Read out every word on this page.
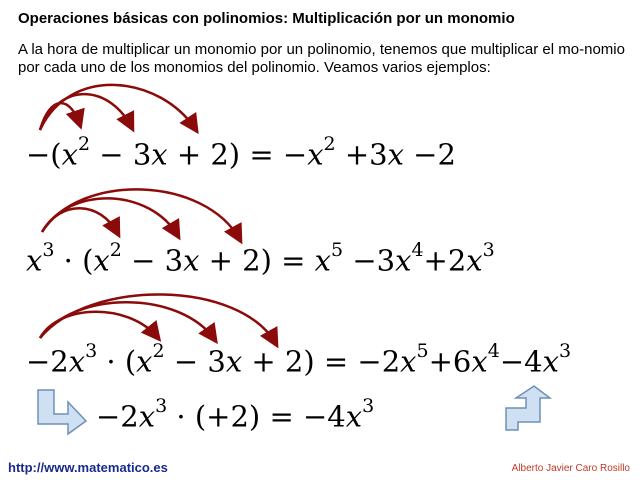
Operaciones básicas con polinomios: Multiplicación por un monomio
A la hora de multiplicar un monomio por un polinomio, tenemos que multiplicar el mo-nomio por cada uno de los monomios del polinomio. Veamos varios ejemplos:
$-(x^2 - 3x + 2) = -x^2 +3x -2$
$x^3 \cdot (x^2 - 3x + 2) = x^5 -3x^4+2x^3$
$-2x^3 \cdot (x^2 - 3x + 2) = -2x^5+6x^4-4x^3$
$-2x^3 \cdot (+2) = -4x^3$
http://www.matematico.es	Alberto Javier Caro Rosillo
